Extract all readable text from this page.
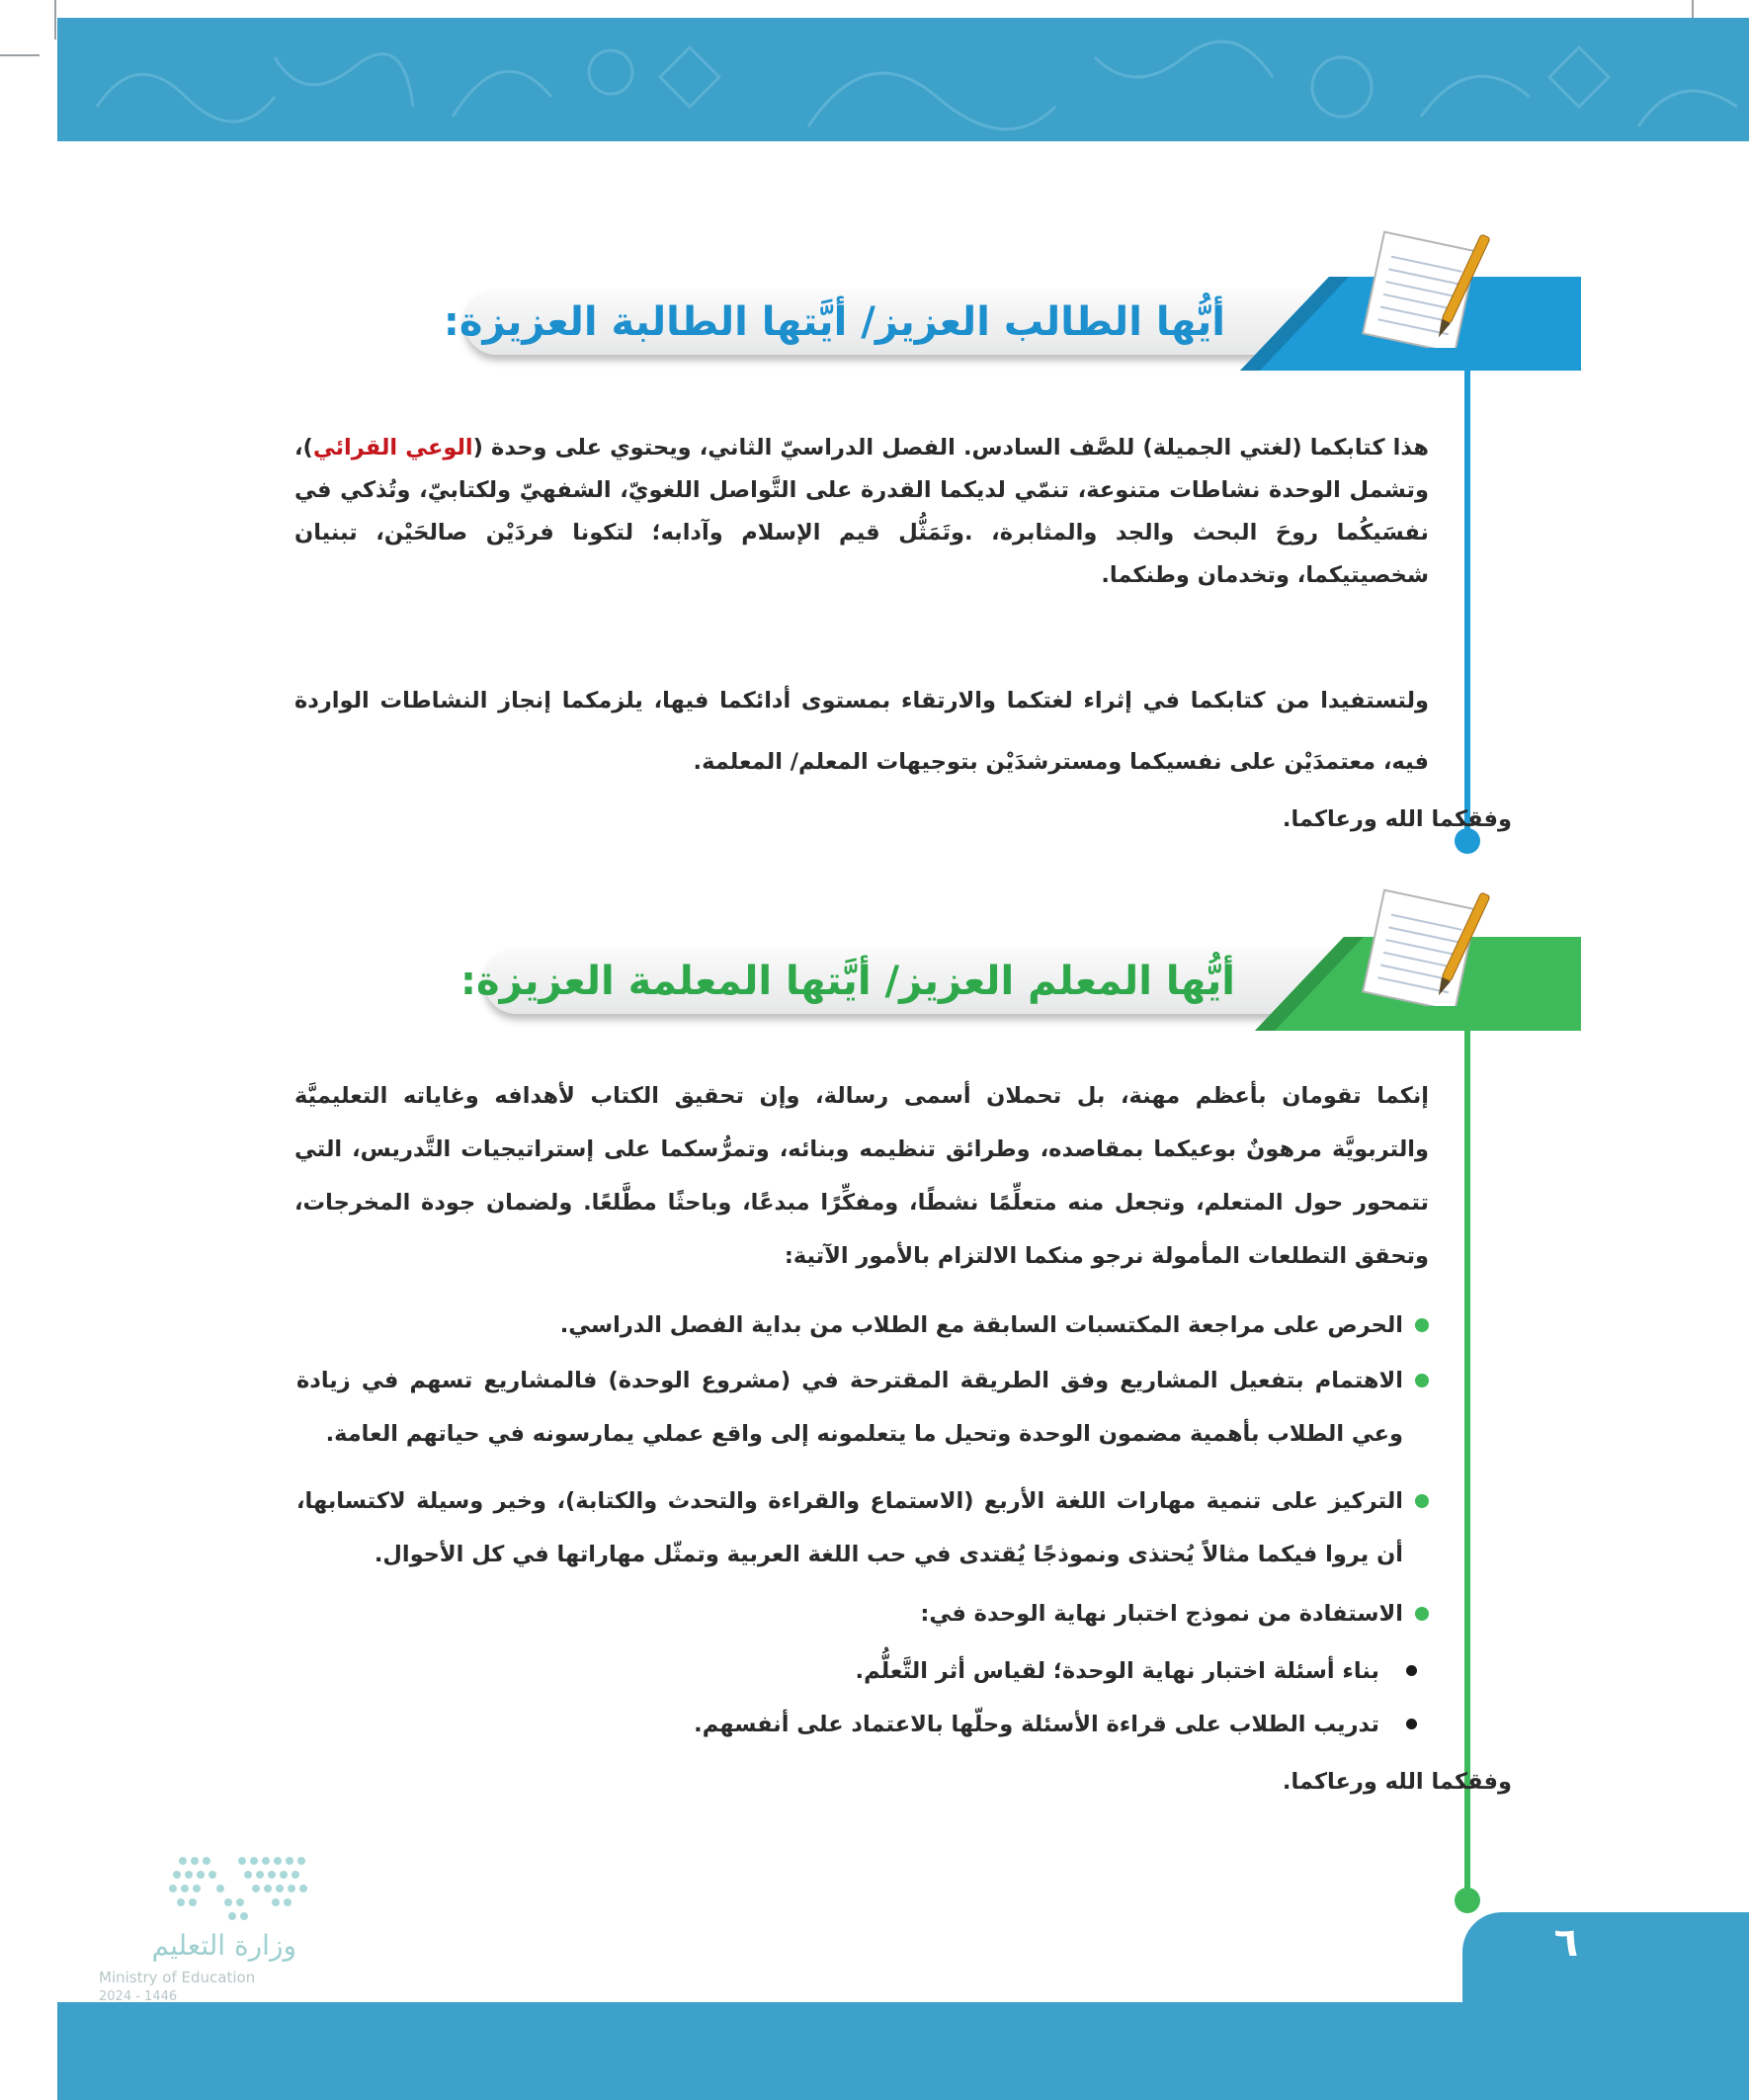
أيُّها الطالب العزيز/ أيَّتها الطالبة العزيزة:
هذا كتابكما (لغتي الجميلة) للصَّف السادس. الفصل الدراسيّ الثاني، ويحتوي على وحدة (الوعي القرائي)، وتشمل الوحدة نشاطات متنوعة، تنمّي لديكما القدرة على التَّواصل اللغويّ، الشفهيّ ولكتابيّ، وتُذكي في نفسَيكُما روحَ البحث والجد والمثابرة، .وتَمَثُّل قيم الإسلام وآدابه؛ لتكونا فردَيْن صالحَيْن، تبنيان شخصيتيكما، وتخدمان وطنكما.
ولتستفيدا من كتابكما في إثراء لغتكما والارتقاء بمستوى أدائكما فيها، يلزمكما إنجاز النشاطات الواردة فيه، معتمدَيْن على نفسيكما ومسترشدَيْن بتوجيهات المعلم/ المعلمة.
وفقكما الله ورعاكما.
أيُّها المعلم العزيز/ أيَّتها المعلمة العزيزة:
إنكما تقومان بأعظم مهنة، بل تحملان أسمى رسالة، وإن تحقيق الكتاب لأهدافه وغاياته التعليميَّة والتربويَّة مرهونٌ بوعيكما بمقاصده، وطرائق تنظيمه وبنائه، وتمرُّسكما على إستراتيجيات التَّدريس، التي تتمحور حول المتعلم، وتجعل منه متعلِّمًا نشطًا، ومفكِّرًا مبدعًا، وباحثًا مطَّلعًا. ولضمان جودة المخرجات، وتحقق التطلعات المأمولة نرجو منكما الالتزام بالأمور الآتية:
الحرص على مراجعة المكتسبات السابقة مع الطلاب من بداية الفصل الدراسي.
الاهتمام بتفعيل المشاريع وفق الطريقة المقترحة في (مشروع الوحدة) فالمشاريع تسهم في زيادة وعي الطلاب بأهمية مضمون الوحدة وتحيل ما يتعلمونه إلى واقع عملي يمارسونه في حياتهم العامة.
التركيز على تنمية مهارات اللغة الأربع (الاستماع والقراءة والتحدث والكتابة)، وخير وسيلة لاكتسابها، أن يروا فيكما مثالاً يُحتذى ونموذجًا يُقتدى في حب اللغة العربية وتمثّل مهاراتها في كل الأحوال.
الاستفادة من نموذج اختبار نهاية الوحدة في:
بناء أسئلة اختبار نهاية الوحدة؛ لقياس أثر التَّعلُّم.
تدريب الطلاب على قراءة الأسئلة وحلّها بالاعتماد على أنفسهم.
وفقكما الله ورعاكما.
٦
وزارة التعليم
Ministry of Education
2024 - 1446
